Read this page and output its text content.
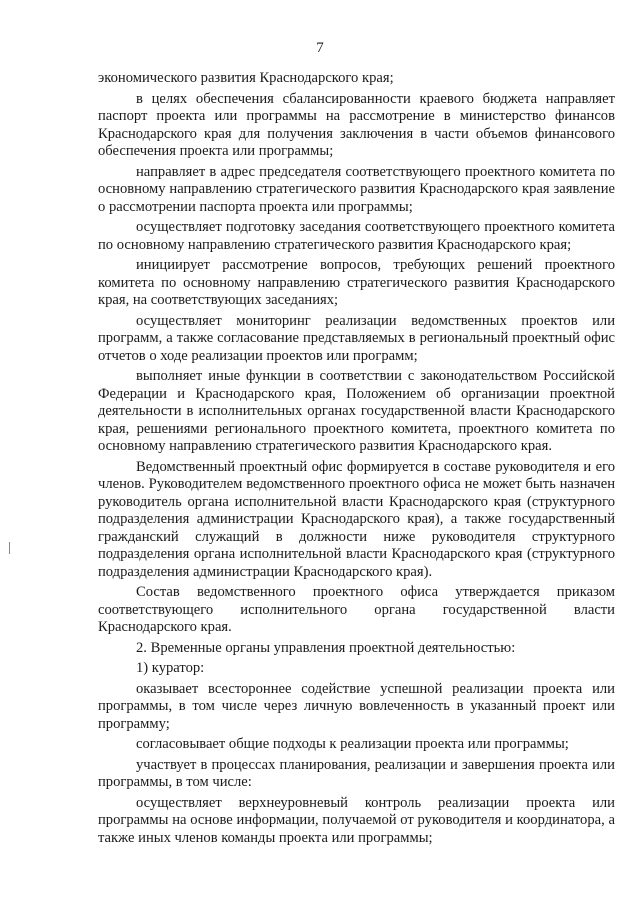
7

экономического развития Краснодарского края;

в целях обеспечения сбалансированности краевого бюджета направляет паспорт проекта или программы на рассмотрение в министерство финансов Краснодарского края для получения заключения в части объемов финансового обеспечения проекта или программы;

направляет в адрес председателя соответствующего проектного комитета по основному направлению стратегического развития Краснодарского края заявление о рассмотрении паспорта проекта или программы;

осуществляет подготовку заседания соответствующего проектного комитета по основному направлению стратегического развития Краснодарского края;

инициирует рассмотрение вопросов, требующих решений проектного комитета по основному направлению стратегического развития Краснодарского края, на соответствующих заседаниях;

осуществляет мониторинг реализации ведомственных проектов или программ, а также согласование представляемых в региональный проектный офис отчетов о ходе реализации проектов или программ;

выполняет иные функции в соответствии с законодательством Российской Федерации и Краснодарского края, Положением об организации проектной деятельности в исполнительных органах государственной власти Краснодарского края, решениями регионального проектного комитета, проектного комитета по основному направлению стратегического развития Краснодарского края.

Ведомственный проектный офис формируется в составе руководителя и его членов. Руководителем ведомственного проектного офиса не может быть назначен руководитель органа исполнительной власти Краснодарского края (структурного подразделения администрации Краснодарского края), а также государственный гражданский служащий в должности ниже руководителя структурного подразделения органа исполнительной власти Краснодарского края (структурного подразделения администрации Краснодарского края).

Состав ведомственного проектного офиса утверждается приказом соответствующего исполнительного органа государственной власти Краснодарского края.

2. Временные органы управления проектной деятельностью:

1) куратор:

оказывает всестороннее содействие успешной реализации проекта или программы, в том числе через личную вовлеченность в указанный проект или программу;

согласовывает общие подходы к реализации проекта или программы;

участвует в процессах планирования, реализации и завершения проекта или программы, в том числе:

осуществляет верхнеуровневый контроль реализации проекта или программы на основе информации, получаемой от руководителя и координатора, а также иных членов команды проекта или программы;
